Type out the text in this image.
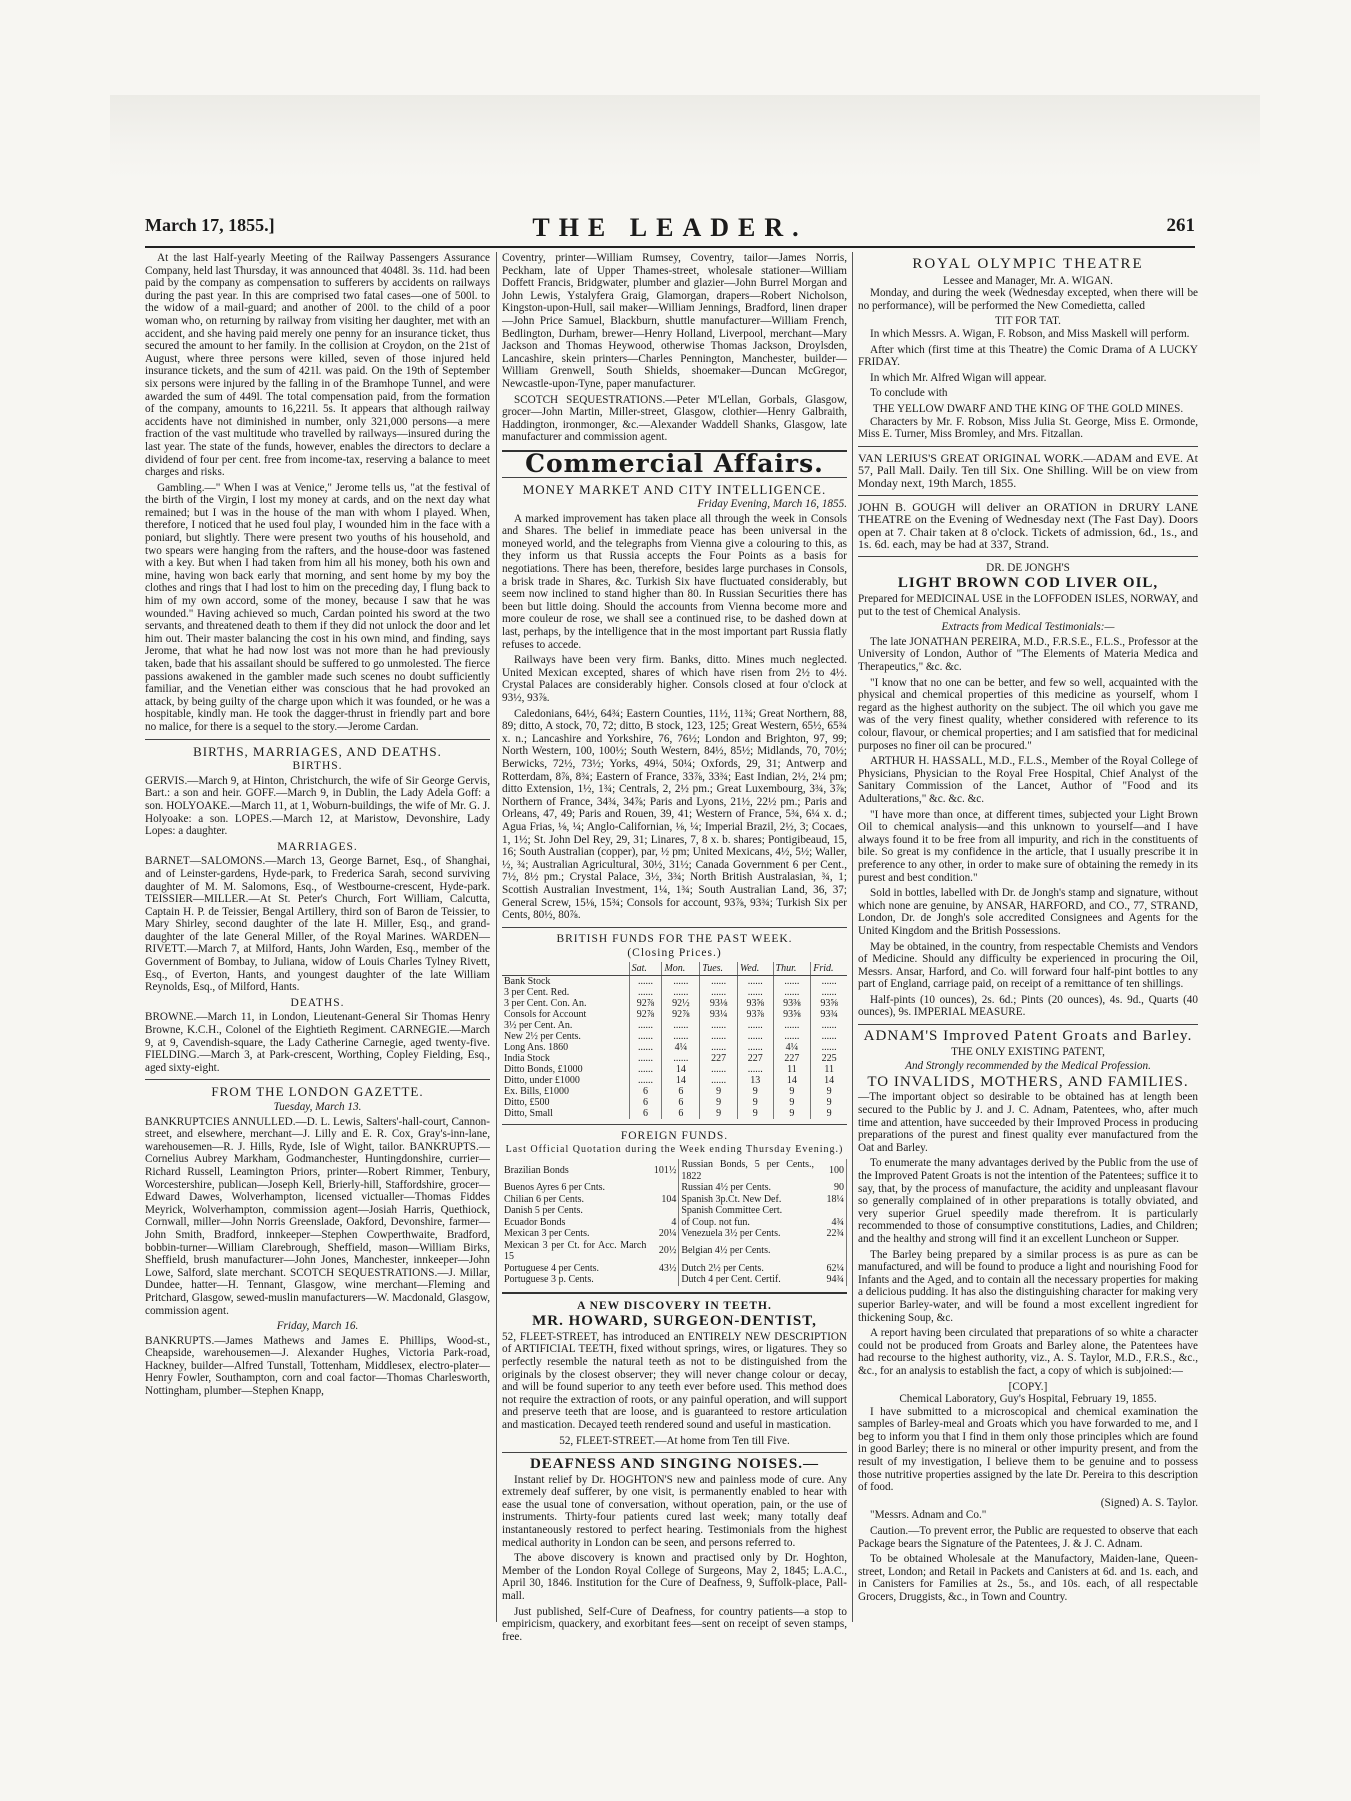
March 17, 1855.]	THE LEADER.	261

At the last Half-yearly Meeting of the Railway Passengers Assurance Company, held last Thursday, it was announced that 4048l. 3s. 11d. had been paid by the company as compensation to sufferers by accidents on railways during the past year. In this are comprised two fatal cases—one of 500l. to the widow of a mail-guard; and another of 200l. to the child of a poor woman who, on returning by railway from visiting her daughter, met with an accident, and she having paid merely one penny for an insurance ticket, thus secured the amount to her family. In the collision at Croydon, on the 21st of August, where three persons were killed, seven of those injured held insurance tickets, and the sum of 421l. was paid. On the 19th of September six persons were injured by the falling in of the Bramhope Tunnel, and were awarded the sum of 449l. The total compensation paid, from the formation of the company, amounts to 16,221l. 5s. It appears that although railway accidents have not diminished in number, only 321,000 persons—a mere fraction of the vast multitude who travelled by railways—insured during the last year. The state of the funds, however, enables the directors to declare a dividend of four per cent. free from income-tax, reserving a balance to meet charges and risks.

Gambling.—" When I was at Venice," Jerome tells us, "at the festival of the birth of the Virgin, I lost my money at cards, and on the next day what remained; but I was in the house of the man with whom I played. When, therefore, I noticed that he used foul play, I wounded him in the face with a poniard, but slightly. There were present two youths of his household, and two spears were hanging from the rafters, and the house-door was fastened with a key. But when I had taken from him all his money, both his own and mine, having won back early that morning, and sent home by my boy the clothes and rings that I had lost to him on the preceding day, I flung back to him of my own accord, some of the money, because I saw that he was wounded." Having achieved so much, Cardan pointed his sword at the two servants, and threatened death to them if they did not unlock the door and let him out. Their master balancing the cost in his own mind, and finding, says Jerome, that what he had now lost was not more than he had previously taken, bade that his assailant should be suffered to go unmolested. The fierce passions awakened in the gambler made such scenes no doubt sufficiently familiar, and the Venetian either was conscious that he had provoked an attack, by being guilty of the charge upon which it was founded, or he was a hospitable, kindly man. He took the dagger-thrust in friendly part and bore no malice, for there is a sequel to the story.—Jerome Cardan.

BIRTHS, MARRIAGES, AND DEATHS.
BIRTHS.

GERVIS.—March 9, at Hinton, Christchurch, the wife of Sir George Gervis, Bart.: a son and heir. GOFF.—March 9, in Dublin, the Lady Adela Goff: a son. HOLYOAKE.—March 11, at 1, Woburn-buildings, the wife of Mr. G. J. Holyoake: a son. LOPES.—March 12, at Maristow, Devonshire, Lady Lopes: a daughter.

MARRIAGES.

BARNET—SALOMONS.—March 13, George Barnet, Esq., of Shanghai, and of Leinster-gardens, Hyde-park, to Frederica Sarah, second surviving daughter of M. M. Salomons, Esq., of Westbourne-crescent, Hyde-park. TEISSIER—MILLER.—At St. Peter's Church, Fort William, Calcutta, Captain H. P. de Teissier, Bengal Artillery, third son of Baron de Teissier, to Mary Shirley, second daughter of the late H. Miller, Esq., and grand-daughter of the late General Miller, of the Royal Marines. WARDEN—RIVETT.—March 7, at Milford, Hants, John Warden, Esq., member of the Government of Bombay, to Juliana, widow of Louis Charles Tylney Rivett, Esq., of Everton, Hants, and youngest daughter of the late William Reynolds, Esq., of Milford, Hants.

DEATHS.

BROWNE.—March 11, in London, Lieutenant-General Sir Thomas Henry Browne, K.C.H., Colonel of the Eightieth Regiment. CARNEGIE.—March 9, at 9, Cavendish-square, the Lady Catherine Carnegie, aged twenty-five. FIELDING.—March 3, at Park-crescent, Worthing, Copley Fielding, Esq., aged sixty-eight.

FROM THE LONDON GAZETTE.
Tuesday, March 13.

BANKRUPTCIES ANNULLED.—D. L. Lewis, Salters'-hall-court, Cannon-street, and elsewhere, merchant—J. Lilly and E. R. Cox, Gray's-inn-lane, warehousemen—R. J. Hills, Ryde, Isle of Wight, tailor. BANKRUPTS.—Cornelius Aubrey Markham, Godmanchester, Huntingdonshire, currier—Richard Russell, Leamington Priors, printer—Robert Rimmer, Tenbury, Worcestershire, publican—Joseph Kell, Brierly-hill, Staffordshire, grocer—Edward Dawes, Wolverhampton, licensed victualler—Thomas Fiddes Meyrick, Wolverhampton, commission agent—Josiah Harris, Quethiock, Cornwall, miller—John Norris Greenslade, Oakford, Devonshire, farmer—John Smith, Bradford, innkeeper—Stephen Cowperthwaite, Bradford, bobbin-turner—William Clarebrough, Sheffield, mason—William Birks, Sheffield, brush manufacturer—John Jones, Manchester, innkeeper—John Lowe, Salford, slate merchant. SCOTCH SEQUESTRATIONS.—J. Millar, Dundee, hatter—H. Tennant, Glasgow, wine merchant—Fleming and Pritchard, Glasgow, sewed-muslin manufacturers—W. Macdonald, Glasgow, commission agent.

Friday, March 16.

BANKRUPTS.—James Mathews and James E. Phillips, Wood-st., Cheapside, warehousemen—J. Alexander Hughes, Victoria Park-road, Hackney, builder—Alfred Tunstall, Tottenham, Middlesex, electro-plater—Henry Fowler, Southampton, corn and coal factor—Thomas Charlesworth, Nottingham, plumber—Stephen Knapp,

Coventry, printer—William Rumsey, Coventry, tailor—James Norris, Peckham, late of Upper Thames-street, wholesale stationer—William Doffett Francis, Bridgwater, plumber and glazier—John Burrel Morgan and John Lewis, Ystalyfera Graig, Glamorgan, drapers—Robert Nicholson, Kingston-upon-Hull, sail maker—William Jennings, Bradford, linen draper—John Price Samuel, Blackburn, shuttle manufacturer—William French, Bedlington, Durham, brewer—Henry Holland, Liverpool, merchant—Mary Jackson and Thomas Heywood, otherwise Thomas Jackson, Droylsden, Lancashire, skein printers—Charles Pennington, Manchester, builder—William Grenwell, South Shields, shoemaker—Duncan McGregor, Newcastle-upon-Tyne, paper manufacturer.

SCOTCH SEQUESTRATIONS.—Peter M'Lellan, Gorbals, Glasgow, grocer—John Martin, Miller-street, Glasgow, clothier—Henry Galbraith, Haddington, ironmonger, &c.—Alexander Waddell Shanks, Glasgow, late manufacturer and commission agent.

Commercial Affairs.
MONEY MARKET AND CITY INTELLIGENCE.
Friday Evening, March 16, 1855.

A marked improvement has taken place all through the week in Consols and Shares. The belief in immediate peace has been universal in the moneyed world, and the telegraphs from Vienna give a colouring to this, as they inform us that Russia accepts the Four Points as a basis for negotiations. There has been, therefore, besides large purchases in Consols, a brisk trade in Shares, &c. Turkish Six have fluctuated considerably, but seem now inclined to stand higher than 80. In Russian Securities there has been but little doing. Should the accounts from Vienna become more and more couleur de rose, we shall see a continued rise, to be dashed down at last, perhaps, by the intelligence that in the most important part Russia flatly refuses to accede.

Railways have been very firm. Banks, ditto. Mines much neglected. United Mexican excepted, shares of which have risen from 2½ to 4½. Crystal Palaces are considerably higher. Consols closed at four o'clock at 93½, 93⅞.

Caledonians, 64½, 64¾; Eastern Counties, 11½, 11¾; Great Northern, 88, 89; ditto, A stock, 70, 72; ditto, B stock, 123, 125; Great Western, 65½, 65¾ x. n.; Lancashire and Yorkshire, 76, 76½; London and Brighton, 97, 99; North Western, 100, 100½; South Western, 84½, 85½; Midlands, 70, 70½; Berwicks, 72½, 73½; Yorks, 49¼, 50¼; Oxfords, 29, 31; Antwerp and Rotterdam, 8⅞, 8¾; Eastern of France, 33⅞, 33¾; East Indian, 2½, 2¼ pm; ditto Extension, 1½, 1¾; Centrals, 2, 2½ pm.; Great Luxembourg, 3¾, 3⅞; Northern of France, 34¾, 34⅞; Paris and Lyons, 21½, 22½ pm.; Paris and Orleans, 47, 49; Paris and Rouen, 39, 41; Western of France, 5¾, 6¼ x. d.; Agua Frias, ⅛, ¼; Anglo-Californian, ⅛, ¼; Imperial Brazil, 2½, 3; Cocaes, 1, 1½; St. John Del Rey, 29, 31; Linares, 7, 8 x. b. shares; Pontigibeaud, 15, 16; South Australian (copper), par, ½ pm; United Mexicans, 4½, 5½; Waller, ½, ¾; Australian Agricultural, 30½, 31½; Canada Government 6 per Cent., 7½, 8½ pm.; Crystal Palace, 3½, 3¾; North British Australasian, ¾, 1; Scottish Australian Investment, 1¼, 1¾; South Australian Land, 36, 37; General Screw, 15⅛, 15¾; Consols for account, 93⅞, 93¾; Turkish Six per Cents, 80½, 80⅞.

BRITISH FUNDS FOR THE PAST WEEK.
(Closing Prices.)
	Sat.	Mon.	Tues.	Wed.	Thur.	Frid.
Bank Stock	......	......	......	......	......	......
3 per Cent. Red.	......	......	......	......	......	......
3 per Cent. Con. An.	92⅞	92½	93⅛	93⅝	93⅜	93⅝
Consols for Account	92⅞	92⅞	93¼	93⅞	93⅝	93¾
3½ per Cent. An.	......	......	......	......	......	......
New 2½ per Cents.	......	......	......	......	......	......
Long Ans. 1860	......	4¼	......	......	4¼	......
India Stock	......	......	227	227	227	225
Ditto Bonds, £1000	......	14	......	......	11	11
Ditto, under £1000	......	14	......	13	14	14
Ex. Bills, £1000	6	6	9	9	9	9
Ditto, £500	6	6	9	9	9	9
Ditto, Small	6	6	9	9	9	9
FOREIGN FUNDS.
Last Official Quotation during the Week ending Thursday Evening.)
Brazilian Bonds	101½	Russian Bonds, 5 per Cents., 1822	100
Buenos Ayres 6 per Cnts.		Russian 4½ per Cents.	90
Chilian 6 per Cents.	104	Spanish 3p.Ct. New Def.	18¼
Danish 5 per Cents.		Spanish Committee Cert.	
Ecuador Bonds	4	of Coup. not fun.	4¾
Mexican 3 per Cents.	20¼	Venezuela 3½ per Cents.	22¾
Mexican 3 per Ct. for Acc. March 15	20½	Belgian 4½ per Cents.	
Portuguese 4 per Cents.	43½	Dutch 2½ per Cents.	62¼
Portuguese 3 p. Cents.		Dutch 4 per Cent. Certif.	94¾
A NEW DISCOVERY IN TEETH.
MR. HOWARD, SURGEON-DENTIST,

52, FLEET-STREET, has introduced an ENTIRELY NEW DESCRIPTION of ARTIFICIAL TEETH, fixed without springs, wires, or ligatures. They so perfectly resemble the natural teeth as not to be distinguished from the originals by the closest observer; they will never change colour or decay, and will be found superior to any teeth ever before used. This method does not require the extraction of roots, or any painful operation, and will support and preserve teeth that are loose, and is guaranteed to restore articulation and mastication. Decayed teeth rendered sound and useful in mastication.

52, FLEET-STREET.—At home from Ten till Five.
DEAFNESS AND SINGING NOISES.—

Instant relief by Dr. HOGHTON'S new and painless mode of cure. Any extremely deaf sufferer, by one visit, is permanently enabled to hear with ease the usual tone of conversation, without operation, pain, or the use of instruments. Thirty-four patients cured last week; many totally deaf instantaneously restored to perfect hearing. Testimonials from the highest medical authority in London can be seen, and persons referred to.

The above discovery is known and practised only by Dr. Hoghton, Member of the London Royal College of Surgeons, May 2, 1845; L.A.C., April 30, 1846. Institution for the Cure of Deafness, 9, Suffolk-place, Pall-mall.

Just published, Self-Cure of Deafness, for country patients—a stop to empiricism, quackery, and exorbitant fees—sent on receipt of seven stamps, free.

ROYAL OLYMPIC THEATRE
Lessee and Manager, Mr. A. WIGAN.

Monday, and during the week (Wednesday excepted, when there will be no performance), will be performed the New Comedietta, called

TIT FOR TAT.

In which Messrs. A. Wigan, F. Robson, and Miss Maskell will perform.

After which (first time at this Theatre) the Comic Drama of A LUCKY FRIDAY.

In which Mr. Alfred Wigan will appear.

To conclude with

THE YELLOW DWARF AND THE KING OF THE GOLD MINES.

Characters by Mr. F. Robson, Miss Julia St. George, Miss E. Ormonde, Miss E. Turner, Miss Bromley, and Mrs. Fitzallan.

VAN LERIUS'S GREAT ORIGINAL WORK.—ADAM and EVE. At 57, Pall Mall. Daily. Ten till Six. One Shilling. Will be on view from Monday next, 19th March, 1855.

JOHN B. GOUGH will deliver an ORATION in DRURY LANE THEATRE on the Evening of Wednesday next (The Fast Day). Doors open at 7. Chair taken at 8 o'clock. Tickets of admission, 6d., 1s., and 1s. 6d. each, may be had at 337, Strand.

DR. DE JONGH'S
LIGHT BROWN COD LIVER OIL,

Prepared for MEDICINAL USE in the LOFFODEN ISLES, NORWAY, and put to the test of Chemical Analysis.

Extracts from Medical Testimonials:—

The late JONATHAN PEREIRA, M.D., F.R.S.E., F.L.S., Professor at the University of London, Author of "The Elements of Materia Medica and Therapeutics," &c. &c.

"I know that no one can be better, and few so well, acquainted with the physical and chemical properties of this medicine as yourself, whom I regard as the highest authority on the subject. The oil which you gave me was of the very finest quality, whether considered with reference to its colour, flavour, or chemical properties; and I am satisfied that for medicinal purposes no finer oil can be procured."

ARTHUR H. HASSALL, M.D., F.L.S., Member of the Royal College of Physicians, Physician to the Royal Free Hospital, Chief Analyst of the Sanitary Commission of the Lancet, Author of "Food and its Adulterations," &c. &c. &c.

"I have more than once, at different times, subjected your Light Brown Oil to chemical analysis—and this unknown to yourself—and I have always found it to be free from all impurity, and rich in the constituents of bile. So great is my confidence in the article, that I usually prescribe it in preference to any other, in order to make sure of obtaining the remedy in its purest and best condition."

Sold in bottles, labelled with Dr. de Jongh's stamp and signature, without which none are genuine, by ANSAR, HARFORD, and CO., 77, STRAND, London, Dr. de Jongh's sole accredited Consignees and Agents for the United Kingdom and the British Possessions.

May be obtained, in the country, from respectable Chemists and Vendors of Medicine. Should any difficulty be experienced in procuring the Oil, Messrs. Ansar, Harford, and Co. will forward four half-pint bottles to any part of England, carriage paid, on receipt of a remittance of ten shillings.

Half-pints (10 ounces), 2s. 6d.; Pints (20 ounces), 4s. 9d., Quarts (40 ounces), 9s. IMPERIAL MEASURE.

ADNAM'S Improved Patent Groats and Barley.
THE ONLY EXISTING PATENT,
And Strongly recommended by the Medical Profession.
TO INVALIDS, MOTHERS, AND FAMILIES.

—The important object so desirable to be obtained has at length been secured to the Public by J. and J. C. Adnam, Patentees, who, after much time and attention, have succeeded by their Improved Process in producing preparations of the purest and finest quality ever manufactured from the Oat and Barley.

To enumerate the many advantages derived by the Public from the use of the Improved Patent Groats is not the intention of the Patentees; suffice it to say, that, by the process of manufacture, the acidity and unpleasant flavour so generally complained of in other preparations is totally obviated, and very superior Gruel speedily made therefrom. It is particularly recommended to those of consumptive constitutions, Ladies, and Children; and the healthy and strong will find it an excellent Luncheon or Supper.

The Barley being prepared by a similar process is as pure as can be manufactured, and will be found to produce a light and nourishing Food for Infants and the Aged, and to contain all the necessary properties for making a delicious pudding. It has also the distinguishing character for making very superior Barley-water, and will be found a most excellent ingredient for thickening Soup, &c.

A report having been circulated that preparations of so white a character could not be produced from Groats and Barley alone, the Patentees have had recourse to the highest authority, viz., A. S. Taylor, M.D., F.R.S., &c., &c., for an analysis to establish the fact, a copy of which is subjoined:—

[COPY.]
Chemical Laboratory, Guy's Hospital, February 19, 1855.

I have submitted to a microscopical and chemical examination the samples of Barley-meal and Groats which you have forwarded to me, and I beg to inform you that I find in them only those principles which are found in good Barley; there is no mineral or other impurity present, and from the result of my investigation, I believe them to be genuine and to possess those nutritive properties assigned by the late Dr. Pereira to this description of food.

(Signed) A. S. Taylor.

"Messrs. Adnam and Co."

Caution.—To prevent error, the Public are requested to observe that each Package bears the Signature of the Patentees, J. & J. C. Adnam.

To be obtained Wholesale at the Manufactory, Maiden-lane, Queen-street, London; and Retail in Packets and Canisters at 6d. and 1s. each, and in Canisters for Families at 2s., 5s., and 10s. each, of all respectable Grocers, Druggists, &c., in Town and Country.
